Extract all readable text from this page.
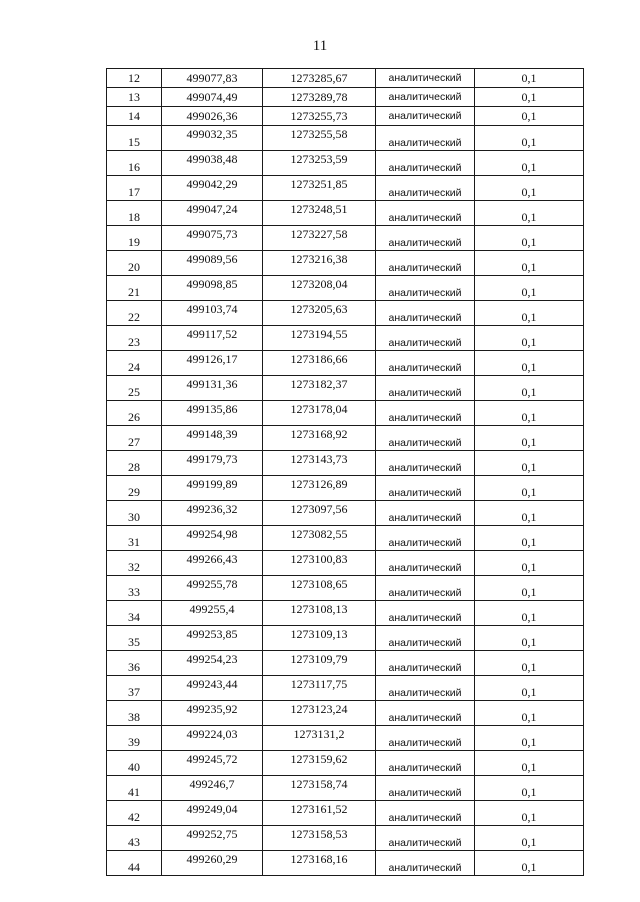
11
12	499077,83	1273285,67	аналитический	0,1
13	499074,49	1273289,78	аналитический	0,1
14	499026,36	1273255,73	аналитический	0,1
15	499032,35	1273255,58	аналитический	0,1
16	499038,48	1273253,59	аналитический	0,1
17	499042,29	1273251,85	аналитический	0,1
18	499047,24	1273248,51	аналитический	0,1
19	499075,73	1273227,58	аналитический	0,1
20	499089,56	1273216,38	аналитический	0,1
21	499098,85	1273208,04	аналитический	0,1
22	499103,74	1273205,63	аналитический	0,1
23	499117,52	1273194,55	аналитический	0,1
24	499126,17	1273186,66	аналитический	0,1
25	499131,36	1273182,37	аналитический	0,1
26	499135,86	1273178,04	аналитический	0,1
27	499148,39	1273168,92	аналитический	0,1
28	499179,73	1273143,73	аналитический	0,1
29	499199,89	1273126,89	аналитический	0,1
30	499236,32	1273097,56	аналитический	0,1
31	499254,98	1273082,55	аналитический	0,1
32	499266,43	1273100,83	аналитический	0,1
33	499255,78	1273108,65	аналитический	0,1
34	499255,4	1273108,13	аналитический	0,1
35	499253,85	1273109,13	аналитический	0,1
36	499254,23	1273109,79	аналитический	0,1
37	499243,44	1273117,75	аналитический	0,1
38	499235,92	1273123,24	аналитический	0,1
39	499224,03	1273131,2	аналитический	0,1
40	499245,72	1273159,62	аналитический	0,1
41	499246,7	1273158,74	аналитический	0,1
42	499249,04	1273161,52	аналитический	0,1
43	499252,75	1273158,53	аналитический	0,1
44	499260,29	1273168,16	аналитический	0,1
